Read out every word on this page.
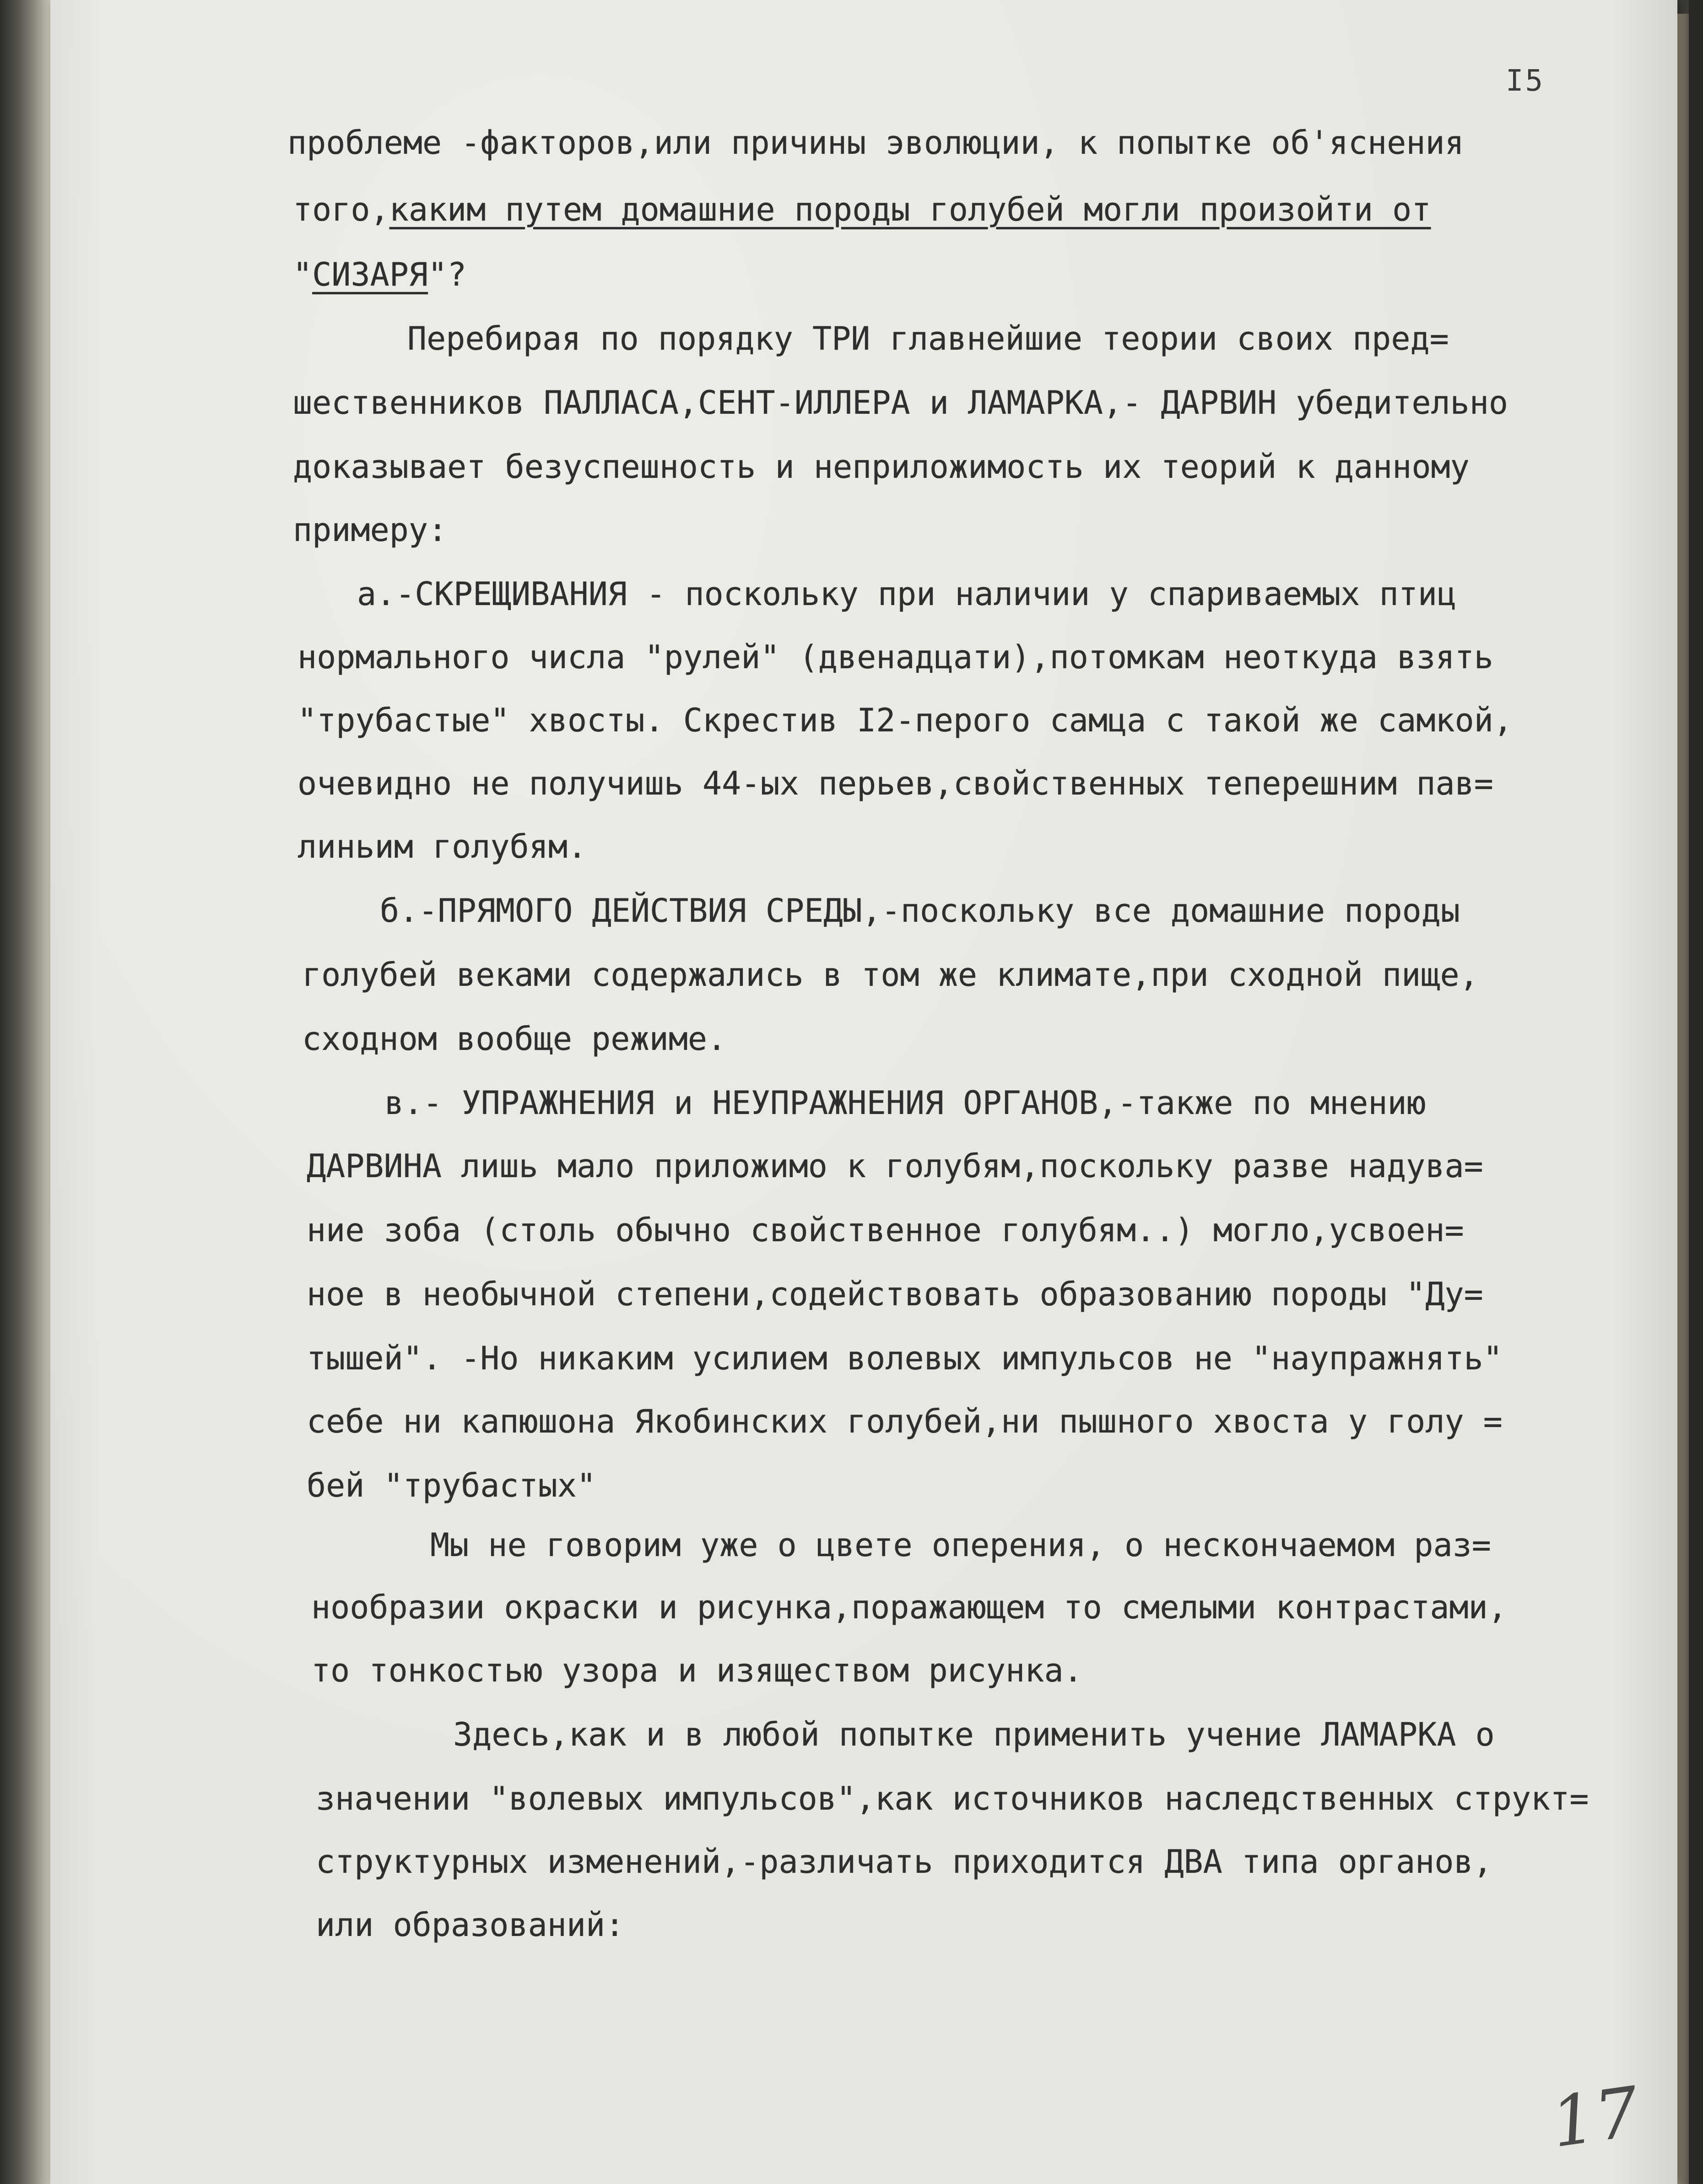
I5
проблеме -факторов,или причины эволюции, к попытке об'яснения
того,каким путем домашние породы голубей могли произойти от
"СИЗАРЯ"?
Перебирая по порядку ТРИ главнейшие теории своих пред=
шественников ПАЛЛАСА,СЕНТ-ИЛЛЕРА и ЛАМАРКА,- ДАРВИН убедительно
доказывает безуспешность и неприложимость их теорий к данному
примеру:
а.-СКРЕЩИВАНИЯ - поскольку при наличии у спариваемых птиц
нормального числа "рулей" (двенадцати),потомкам неоткуда взять
"трубастые" хвосты. Скрестив I2-перого самца с такой же самкой,
очевидно не получишь 44-ых перьев,свойственных теперешним пав=
линьим голубям.
б.-ПРЯМОГО ДЕЙСТВИЯ СРЕДЫ,-поскольку все домашние породы
голубей веками содержались в том же климате,при сходной пище,
сходном вообще режиме.
в.- УПРАЖНЕНИЯ и НЕУПРАЖНЕНИЯ ОРГАНОВ,-также по мнению
ДАРВИНА лишь мало приложимо к голубям,поскольку разве надува=
ние зоба (столь обычно свойственное голубям..) могло,усвоен=
ное в необычной степени,содействовать образованию породы "Ду=
тышей". -Но никаким усилием волевых импульсов не "наупражнять"
себе ни капюшона Якобинских голубей,ни пышного хвоста у голу =
бей "трубастых"
Мы не говорим уже о цвете оперения, о нескончаемом раз=
нообразии окраски и рисунка,поражающем то смелыми контрастами,
то тонкостью узора и изяществом рисунка.
Здесь,как и в любой попытке применить учение ЛАМАРКА о
значении "волевых импульсов",как источников наследственных структ=
структурных изменений,-различать приходится ДВА типа органов,
или образований:
17
